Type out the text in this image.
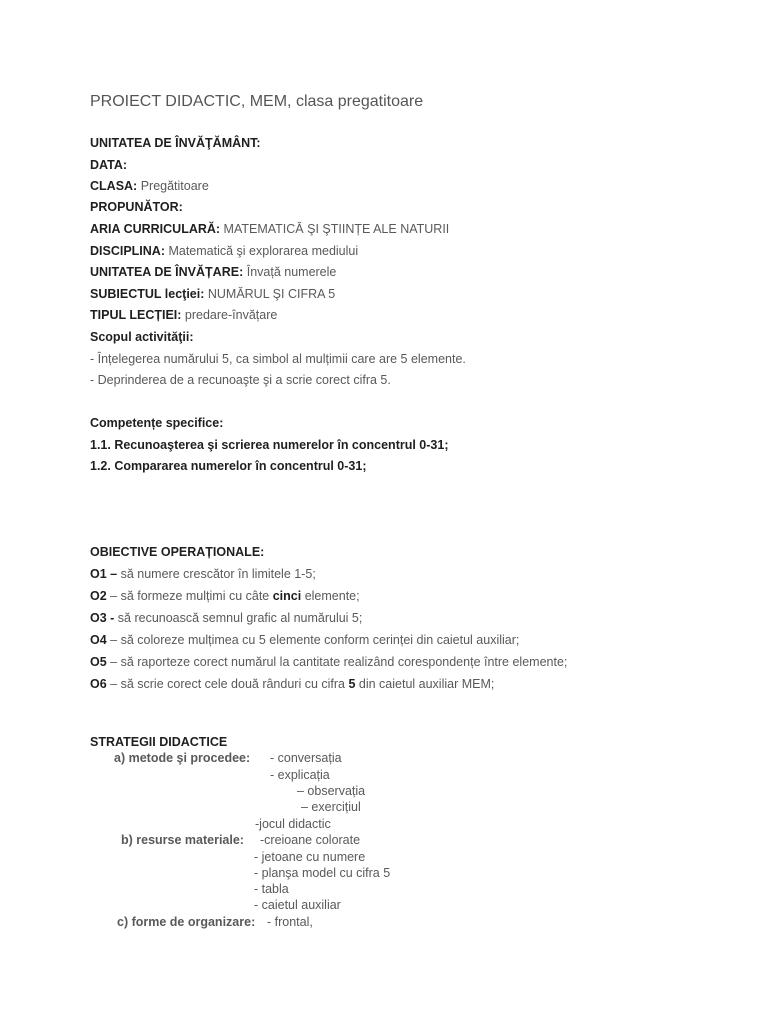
PROIECT DIDACTIC, MEM, clasa pregatitoare
UNITATEA DE ÎNVĂŢĂMÂNT:
DATA:
CLASA: Pregătitoare
PROPUNĂTOR:
ARIA CURRICULARĂ: MATEMATICĂ ŞI ŞTIINȚE ALE NATURII
DISCIPLINA: Matematică şi explorarea mediului
UNITATEA DE ÎNVĂȚARE: Învață numerele
SUBIECTUL lecţiei: NUMĂRUL ŞI CIFRA 5
TIPUL LECȚIEI: predare-învățare
Scopul activităţii:
- Înțelegerea numărului 5, ca simbol al mulțimii care are 5 elemente.
- Deprinderea de a recunoaşte şi a scrie corect cifra 5.
Competențe specifice:
1.1. Recunoaşterea şi scrierea numerelor în concentrul 0-31;
1.2. Compararea numerelor în concentrul 0-31;
OBIECTIVE OPERAȚIONALE:
O1 – să numere crescător în limitele 1-5;
O2 – să formeze mulțimi cu câte cinci elemente;
O3 - să recunoască semnul grafic al numărului 5;
O4 – să coloreze mulțimea cu 5 elemente conform cerinței din caietul auxiliar;
O5 – să raporteze corect numărul la cantitate realizând corespondențe între elemente;
O6 – să scrie corect cele două rânduri cu cifra 5 din caietul auxiliar MEM;
STRATEGII DIDACTICE
a) metode şi procedee: - conversația
- explicația
– observația
– exercițiul
-jocul didactic
b) resurse materiale: -creioane colorate
- jetoane cu numere
- planşa model cu cifra 5
- tabla
- caietul auxiliar
c) forme de organizare: - frontal,
